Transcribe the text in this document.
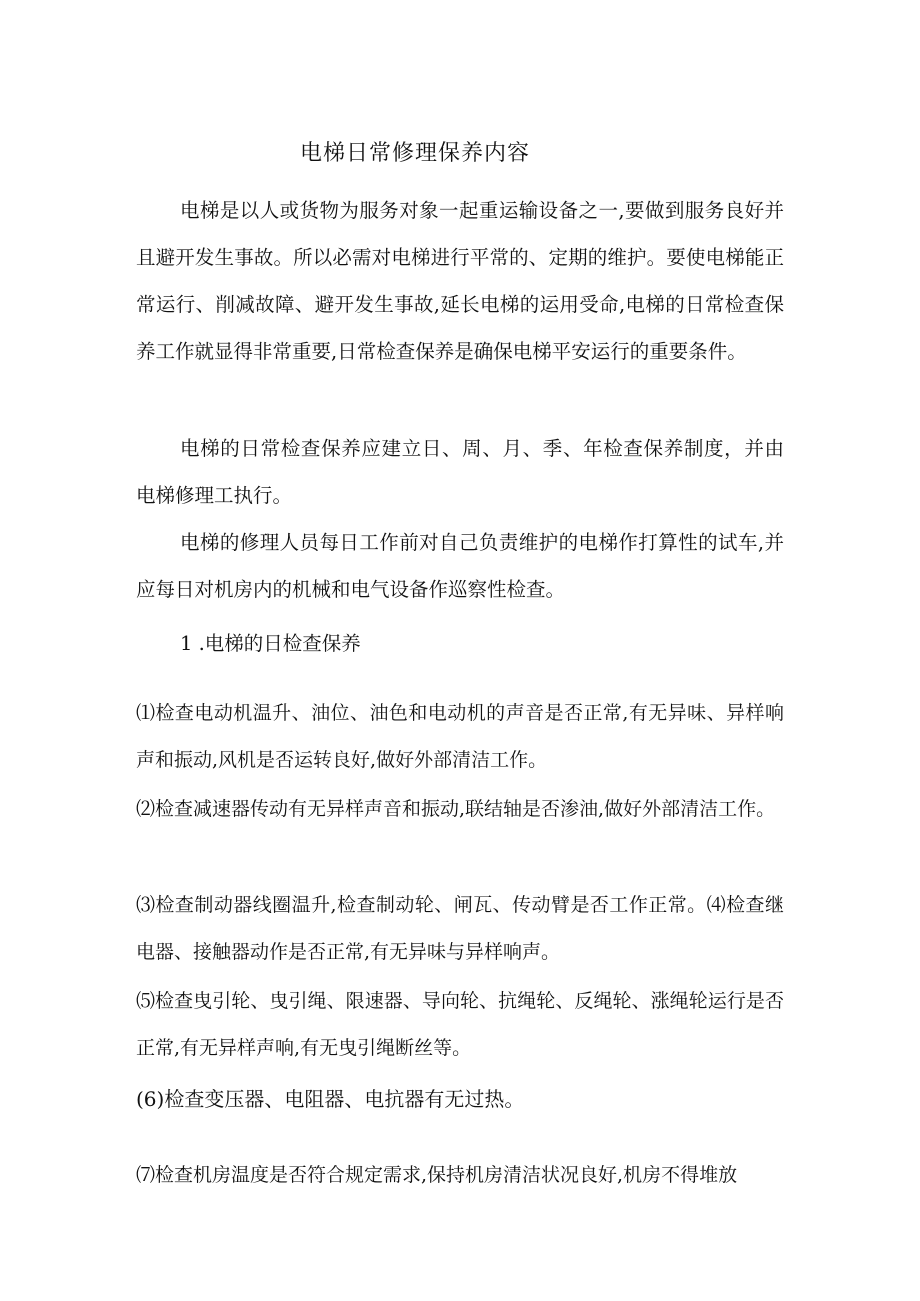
电梯日常修理保养内容

电梯是以人或货物为服务对象一起重运输设备之一,要做到服务良好并且避开发生事故。所以必需对电梯进行平常的、定期的维护。要使电梯能正常运行、削减故障、避开发生事故,延长电梯的运用受命,电梯的日常检查保养工作就显得非常重要,日常检查保养是确保电梯平安运行的重要条件。

电梯的日常检查保养应建立日、周、月、季、年检查保养制度，并由电梯修理工执行。

电梯的修理人员每日工作前对自己负责维护的电梯作打算性的试车,并应每日对机房内的机械和电气设备作巡察性检查。

1 .电梯的日检查保养

⑴检查电动机温升、油位、油色和电动机的声音是否正常,有无异味、异样响声和振动,风机是否运转良好,做好外部清洁工作。

⑵检查减速器传动有无异样声音和振动,联结轴是否渗油,做好外部清洁工作。

⑶检查制动器线圈温升,检查制动轮、闸瓦、传动臂是否工作正常。⑷检查继电器、接触器动作是否正常,有无异味与异样响声。

⑸检查曳引轮、曳引绳、限速器、导向轮、抗绳轮、反绳轮、涨绳轮运行是否正常,有无异样声响,有无曳引绳断丝等。

(6)检查变压器、电阻器、电抗器有无过热。

⑺检查机房温度是否符合规定需求,保持机房清洁状况良好,机房不得堆放
